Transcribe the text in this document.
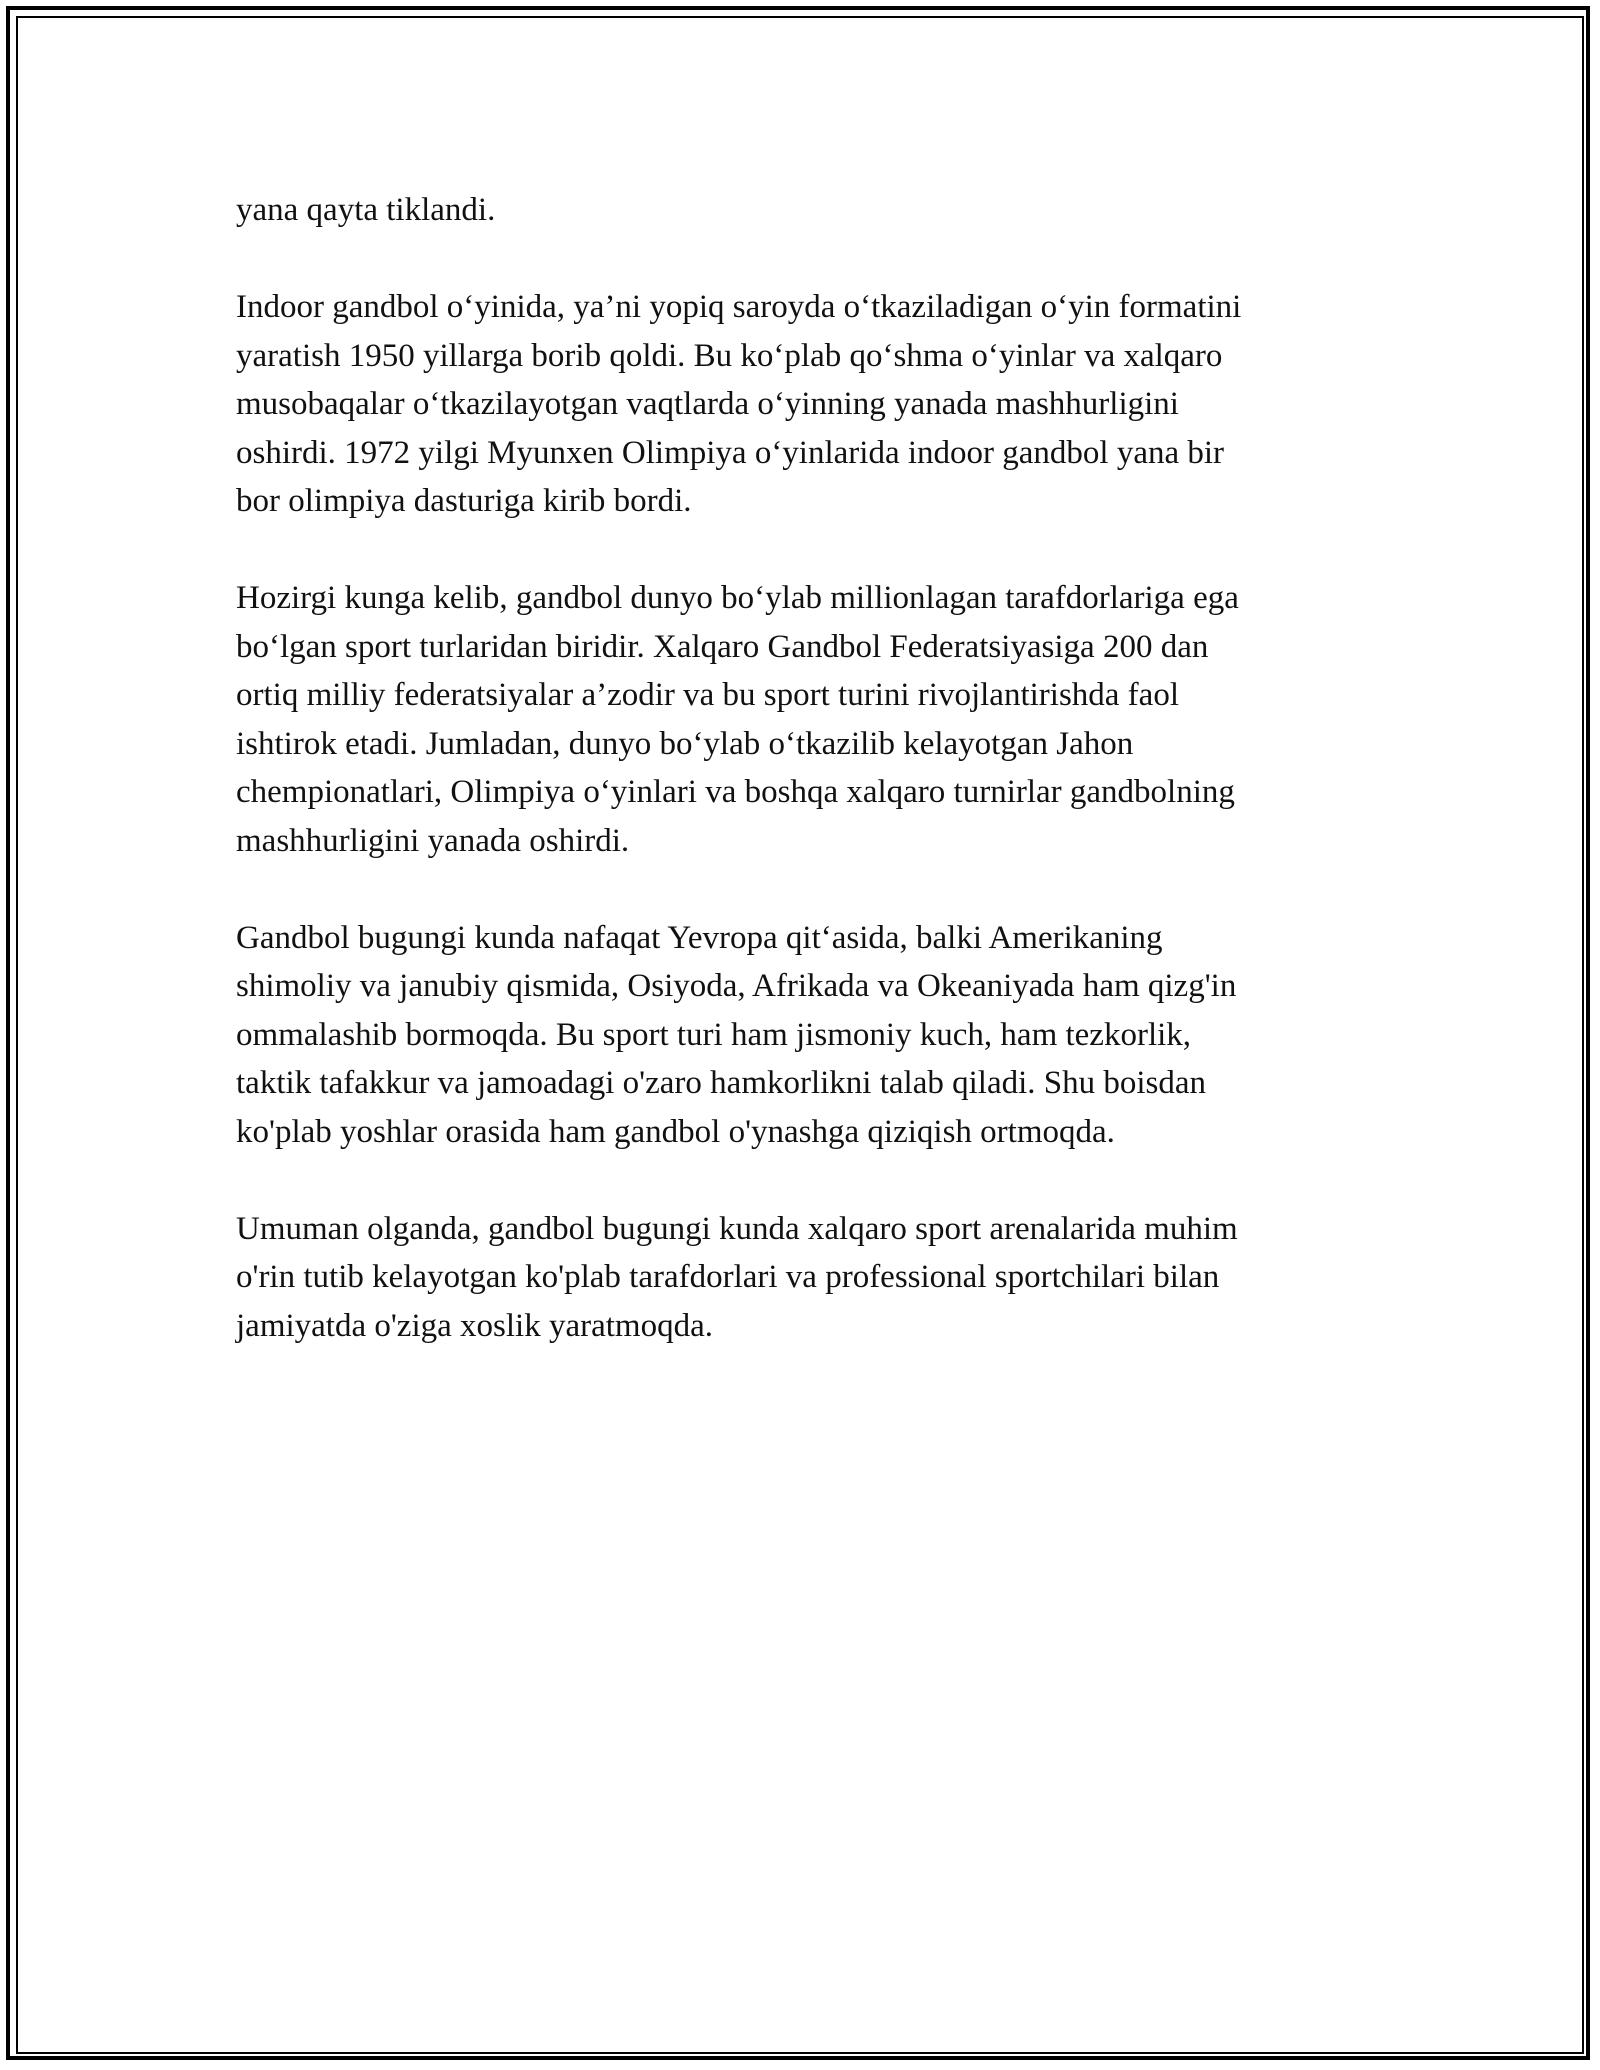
yana qayta tiklandi.

Indoor gandbol o‘yinida, ya’ni yopiq saroyda o‘tkaziladigan o‘yin formatini
yaratish 1950 yillarga borib qoldi. Bu ko‘plab qo‘shma o‘yinlar va xalqaro
musobaqalar o‘tkazilayotgan vaqtlarda o‘yinning yanada mashhurligini
oshirdi. 1972 yilgi Myunxen Olimpiya o‘yinlarida indoor gandbol yana bir
bor olimpiya dasturiga kirib bordi.

Hozirgi kunga kelib, gandbol dunyo bo‘ylab millionlagan tarafdorlariga ega
bo‘lgan sport turlaridan biridir. Xalqaro Gandbol Federatsiyasiga 200 dan
ortiq milliy federatsiyalar a’zodir va bu sport turini rivojlantirishda faol
ishtirok etadi. Jumladan, dunyo bo‘ylab o‘tkazilib kelayotgan Jahon
chempionatlari, Olimpiya o‘yinlari va boshqa xalqaro turnirlar gandbolning
mashhurligini yanada oshirdi.

Gandbol bugungi kunda nafaqat Yevropa qit‘asida, balki Amerikaning
shimoliy va janubiy qismida, Osiyoda, Afrikada va Okeaniyada ham qizg'in
ommalashib bormoqda. Bu sport turi ham jismoniy kuch, ham tezkorlik,
taktik tafakkur va jamoadagi o'zaro hamkorlikni talab qiladi. Shu boisdan
ko'plab yoshlar orasida ham gandbol o'ynashga qiziqish ortmoqda.

Umuman olganda, gandbol bugungi kunda xalqaro sport arenalarida muhim
o'rin tutib kelayotgan ko'plab tarafdorlari va professional sportchilari bilan
jamiyatda o'ziga xoslik yaratmoqda.
